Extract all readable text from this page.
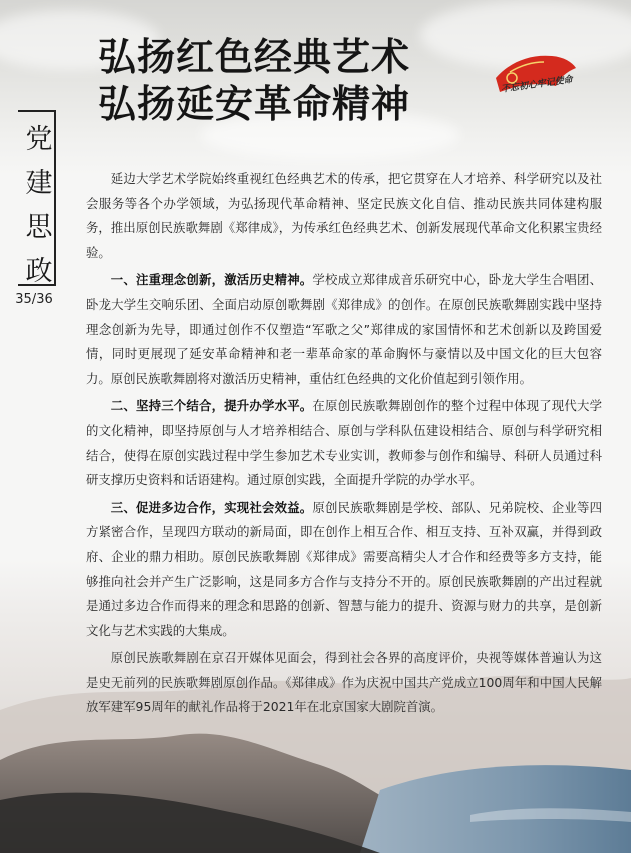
弘扬红色经典艺术
弘扬延安革命精神	不忘初心牢记使命
党
建
思
政
35/36

延边大学艺术学院始终重视红色经典艺术的传承，把它贯穿在人才培养、科学研究以及社会服务等各个办学领域，为弘扬现代革命精神、坚定民族文化自信、推动民族共同体建构服务，推出原创民族歌舞剧《郑律成》，为传承红色经典艺术、创新发展现代革命文化积累宝贵经验。

一、注重理念创新，激活历史精神。学校成立郑律成音乐研究中心，卧龙大学生合唱团、卧龙大学生交响乐团、全面启动原创歌舞剧《郑律成》的创作。在原创民族歌舞剧实践中坚持理念创新为先导，即通过创作不仅塑造“军歌之父”郑律成的家国情怀和艺术创新以及跨国爱情，同时更展现了延安革命精神和老一辈革命家的革命胸怀与豪情以及中国文化的巨大包容力。原创民族歌舞剧将对激活历史精神，重估红色经典的文化价值起到引领作用。

二、坚持三个结合，提升办学水平。在原创民族歌舞剧创作的整个过程中体现了现代大学的文化精神，即坚持原创与人才培养相结合、原创与学科队伍建设相结合、原创与科学研究相结合，使得在原创实践过程中学生参加艺术专业实训，教师参与创作和编导、科研人员通过科研支撑历史资料和话语建构。通过原创实践，全面提升学院的办学水平。

三、促进多边合作，实现社会效益。原创民族歌舞剧是学校、部队、兄弟院校、企业等四方紧密合作，呈现四方联动的新局面，即在创作上相互合作、相互支持、互补双赢，并得到政府、企业的鼎力相助。原创民族歌舞剧《郑律成》需要高精尖人才合作和经费等多方支持，能够推向社会并产生广泛影响，这是同多方合作与支持分不开的。原创民族歌舞剧的产出过程就是通过多边合作而得来的理念和思路的创新、智慧与能力的提升、资源与财力的共享，是创新文化与艺术实践的大集成。

原创民族歌舞剧在京召开媒体见面会，得到社会各界的高度评价，央视等媒体普遍认为这是史无前列的民族歌舞剧原创作品。《郑律成》作为庆祝中国共产党成立100周年和中国人民解放军建军95周年的献礼作品将于2021年在北京国家大剧院首演。
